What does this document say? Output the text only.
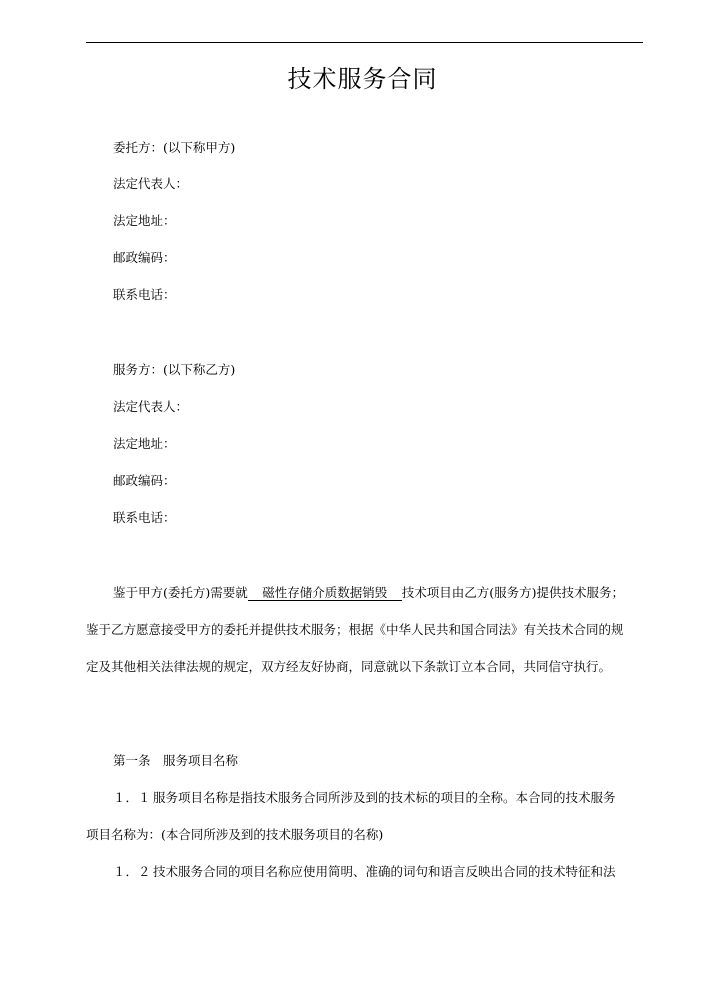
技术服务合同
委托方：(以下称甲方)
法定代表人：
法定地址：
邮政编码：
联系电话：
服务方：(以下称乙方)
法定代表人：
法定地址：
邮政编码：
联系电话：
鉴于甲方(委托方)需要就 磁性存储介质数据销毁 技术项目由乙方(服务方)提供技术服务；
鉴于乙方愿意接受甲方的委托并提供技术服务；根据《中华人民共和国合同法》有关技术合同的规
定及其他相关法律法规的规定，双方经友好协商，同意就以下条款订立本合同，共同信守执行。
第一条　服务项目名称
１．１ 服务项目名称是指技术服务合同所涉及到的技术标的项目的全称。本合同的技术服务
项目名称为：(本合同所涉及到的技术服务项目的名称)
１．２ 技术服务合同的项目名称应使用简明、准确的词句和语言反映出合同的技术特征和法
